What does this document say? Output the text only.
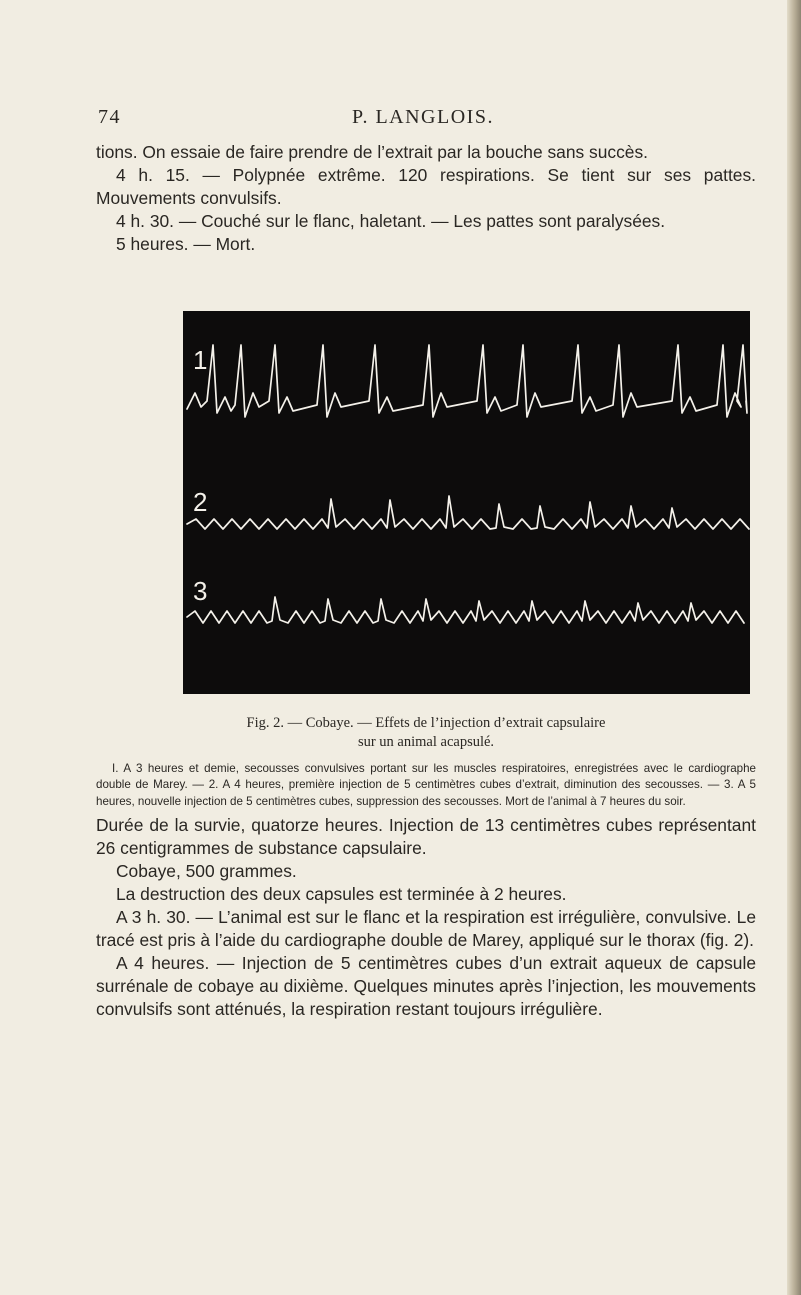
74	P. LANGLOIS.

tions. On essaie de faire prendre de l’extrait par la bouche sans succès.

4 h. 15. — Polypnée extrême. 120 respirations. Se tient sur ses pattes. Mouvements convulsifs.

4 h. 30. — Couché sur le flanc, haletant. — Les pattes sont paralysées.

5 heures. — Mort.

1
2
3
Fig. 2. — Cobaye. — Effets de l’injection d’extrait capsulaire
sur un animal acapsulé.
I. A 3 heures et demie, secousses convulsives portant sur les muscles respiratoires, enregistrées avec le cardiographe double de Marey. — 2. A 4 heures, première injection de 5 centimètres cubes d’extrait, diminution des secousses. — 3. A 5 heures, nouvelle injection de 5 centimètres cubes, suppression des secousses. Mort de l’animal à 7 heures du soir.

Durée de la survie, quatorze heures. Injection de 13 centimètres cubes représentant 26 centigrammes de substance capsulaire.

Cobaye, 500 grammes.

La destruction des deux capsules est terminée à 2 heures.

A 3 h. 30. — L’animal est sur le flanc et la respiration est irrégulière, convulsive. Le tracé est pris à l’aide du cardiographe double de Marey, appliqué sur le thorax (fig. 2).

A 4 heures. — Injection de 5 centimètres cubes d’un extrait aqueux de capsule surrénale de cobaye au dixième. Quelques minutes après l’injection, les mouvements convulsifs sont atténués, la respiration restant toujours irrégulière.
